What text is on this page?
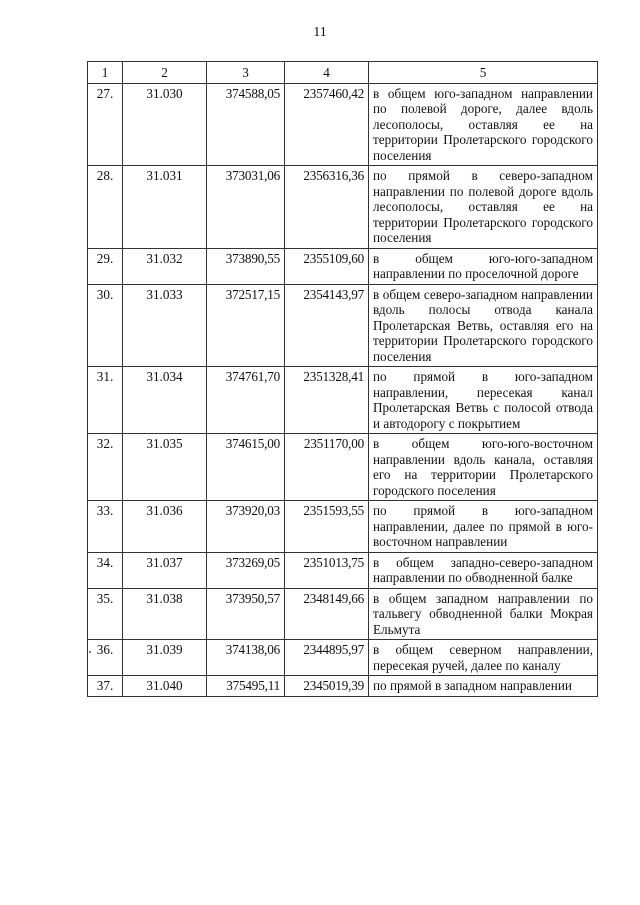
11
1	2	3	4	5
27.	31.030	374588,05	2357460,42	в общем юго-западном направлении по полевой дороге, далее вдоль лесополосы, оставляя ее на территории Пролетарского городского поселения
28.	31.031	373031,06	2356316,36	по прямой в северо-западном направлении по полевой дороге вдоль лесополосы, оставляя ее на территории Пролетарского городского поселения
29.	31.032	373890,55	2355109,60	в общем юго-юго-западном направлении по проселочной дороге
30.	31.033	372517,15	2354143,97	в общем северо-западном направлении вдоль полосы отвода канала Пролетарская Ветвь, оставляя его на территории Пролетарского городского поселения
31.	31.034	374761,70	2351328,41	по прямой в юго-западном направлении, пересекая канал Пролетарская Ветвь с полосой отвода и автодорогу с покрытием
32.	31.035	374615,00	2351170,00	в общем юго-юго-восточном направлении вдоль канала, оставляя его на территории Пролетарского городского поселения
33.	31.036	373920,03	2351593,55	по прямой в юго-западном направлении, далее по прямой в юго-восточном направлении
34.	31.037	373269,05	2351013,75	в общем западно-северо-западном направлении по обводненной балке
35.	31.038	373950,57	2348149,66	в общем западном направлении по тальвегу обводненной балки Мокрая Ельмута
36.	31.039	374138,06	2344895,97	в общем северном направлении, пересекая ручей, далее по каналу
37.	31.040	375495,11	2345019,39	по прямой в западном направлении
